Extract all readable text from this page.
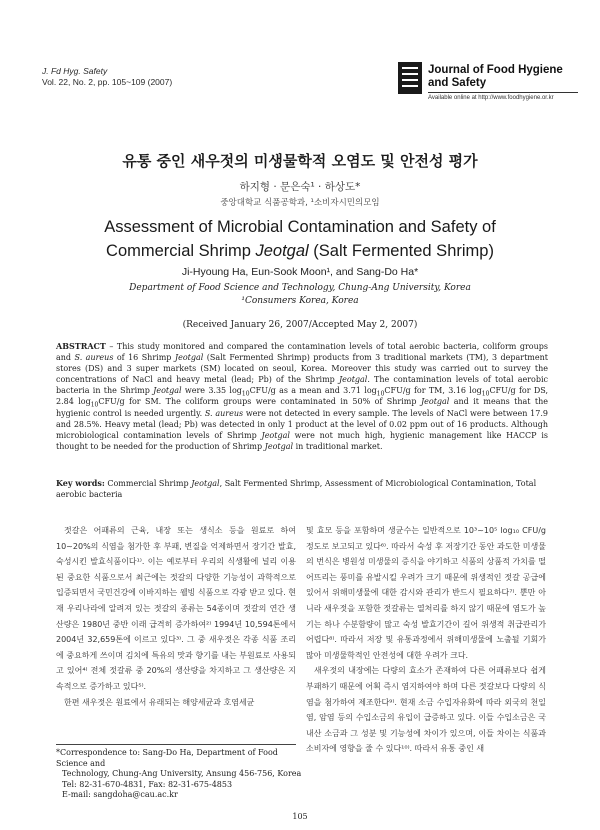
J. Fd Hyg. Safety
Vol. 22, No. 2, pp. 105~109 (2007)
Journal of Food Hygiene
and Safety
Available online at http://www.foodhygiene.or.kr
유통 중인 새우젓의 미생물학적 오염도 및 안전성 평가
하지형 · 문은숙¹ · 하상도*
중앙대학교 식품공학과, ¹소비자시민의모임
Assessment of Microbial Contamination and Safety of
Commercial Shrimp Jeotgal (Salt Fermented Shrimp)
Ji-Hyoung Ha, Eun-Sook Moon¹, and Sang-Do Ha*
Department of Food Science and Technology, Chung-Ang University, Korea
¹Consumers Korea, Korea
(Received January 26, 2007/Accepted May 2, 2007)
ABSTRACT – This study monitored and compared the contamination levels of total aerobic bacteria, coliform groups and S. aureus of 16 Shrimp Jeotgal (Salt Fermented Shrimp) products from 3 traditional markets (TM), 3 department stores (DS) and 3 super markets (SM) located on seoul, Korea. Moreover this study was carried out to survey the concentrations of NaCl and heavy metal (lead; Pb) of the Shrimp Jeotgal. The contamination levels of total aerobic bacteria in the Shrimp Jeotgal were 3.35 $\log_{10}CFU/g$ as a mean and 3.71 $\log_{10}CFU/g$ for TM, 3.16 $\log_{10}CFU/g$ for DS, 2.84 $\log_{10}CFU/g$ for SM. The coliform groups were contaminated in 50% of Shrimp Jeotgal and it means that the hygienic control is needed urgently. S. aureus were not detected in every sample. The levels of NaCl were between 17.9 and 28.5%. Heavy metal (lead; Pb) was detected in only 1 product at the level of 0.02 ppm out of 16 products. Although microbiological contamination levels of Shrimp Jeotgal were not much high, hygienic management like HACCP is thought to be needed for the production of Shrimp Jeotgal in traditional market.
Key words: Commercial Shrimp Jeotgal, Salt Fermented Shrimp, Assessment of Microbiological Contamination, Total aerobic bacteria

젓갈은 어패류의 근육, 내장 또는 생식소 등을 원료로 하여 10~20%의 식염을 첨가한 후 부패, 변질을 억제하면서 장기간 발효, 숙성시킨 발효식품이다¹⁾. 이는 예로부터 우리의 식생활에 널리 이용된 중요한 식품으로서 최근에는 젓갈의 다양한 기능성이 과학적으로 입증되면서 국민건강에 이바지하는 웰빙 식품으로 각광 받고 있다. 현재 우리나라에 알려져 있는 젓갈의 종류는 54종이며 젓갈의 연간 생산량은 1980년 중반 이래 급격히 증가하여²⁾ 1994년 10,594톤에서 2004년 32,659톤에 이르고 있다³⁾. 그 중 새우젓은 각종 식품 조리에 중요하게 쓰이며 김치에 특유의 맛과 향기를 내는 부원료로 사용되고 있어⁴⁾ 전체 젓갈류 중 20%의 생산량을 차지하고 그 생산량은 지속적으로 증가하고 있다⁵⁾.

한편 새우젓은 원료에서 유래되는 해양세균과 호염세균

및 효모 등을 포함하며 생균수는 일반적으로 10³~10⁵ log₁₀ CFU/g 정도로 보고되고 있다⁶⁾. 따라서 숙성 후 저장기간 동안 과도한 미생물의 번식은 병원성 미생물의 증식을 야기하고 식품의 상품적 가치를 떨어뜨리는 풍미를 유발시킬 우려가 크기 때문에 위생적인 젓갈 공급에 있어서 위해미생물에 대한 감시와 관리가 반드시 필요하다⁷⁾. 뿐만 아니라 새우젓을 포함한 젓갈류는 열처리를 하지 않기 때문에 염도가 높기는 하나 수분함량이 많고 숙성 발효기간이 길어 위생적 취급관리가 어렵다⁸⁾. 따라서 저장 및 유통과정에서 위해미생물에 노출될 기회가 많아 미생물학적인 안전성에 대한 우려가 크다.

새우젓의 내장에는 다량의 효소가 존재하여 다른 어패류보다 쉽게 부패하기 때문에 어획 즉시 염지하여야 하며 다른 젓갈보다 다량의 식염을 첨가하여 제조한다⁹⁾. 현재 소금 수입자유화에 따라 외국의 천일염, 암염 등의 수입소금의 유입이 급증하고 있다. 이들 수입소금은 국내산 소금과 그 성분 및 기능성에 차이가 있으며, 이들 차이는 식품과 소비자에 영향을 줄 수 있다¹⁰⁾. 따라서 유통 중인 새

*Correspondence to: Sang-Do Ha, Department of Food Science and
Technology, Chung-Ang University, Ansung 456-756, Korea
Tel: 82-31-670-4831, Fax: 82-31-675-4853
E-mail: sangdoha@cau.ac.kr
105
